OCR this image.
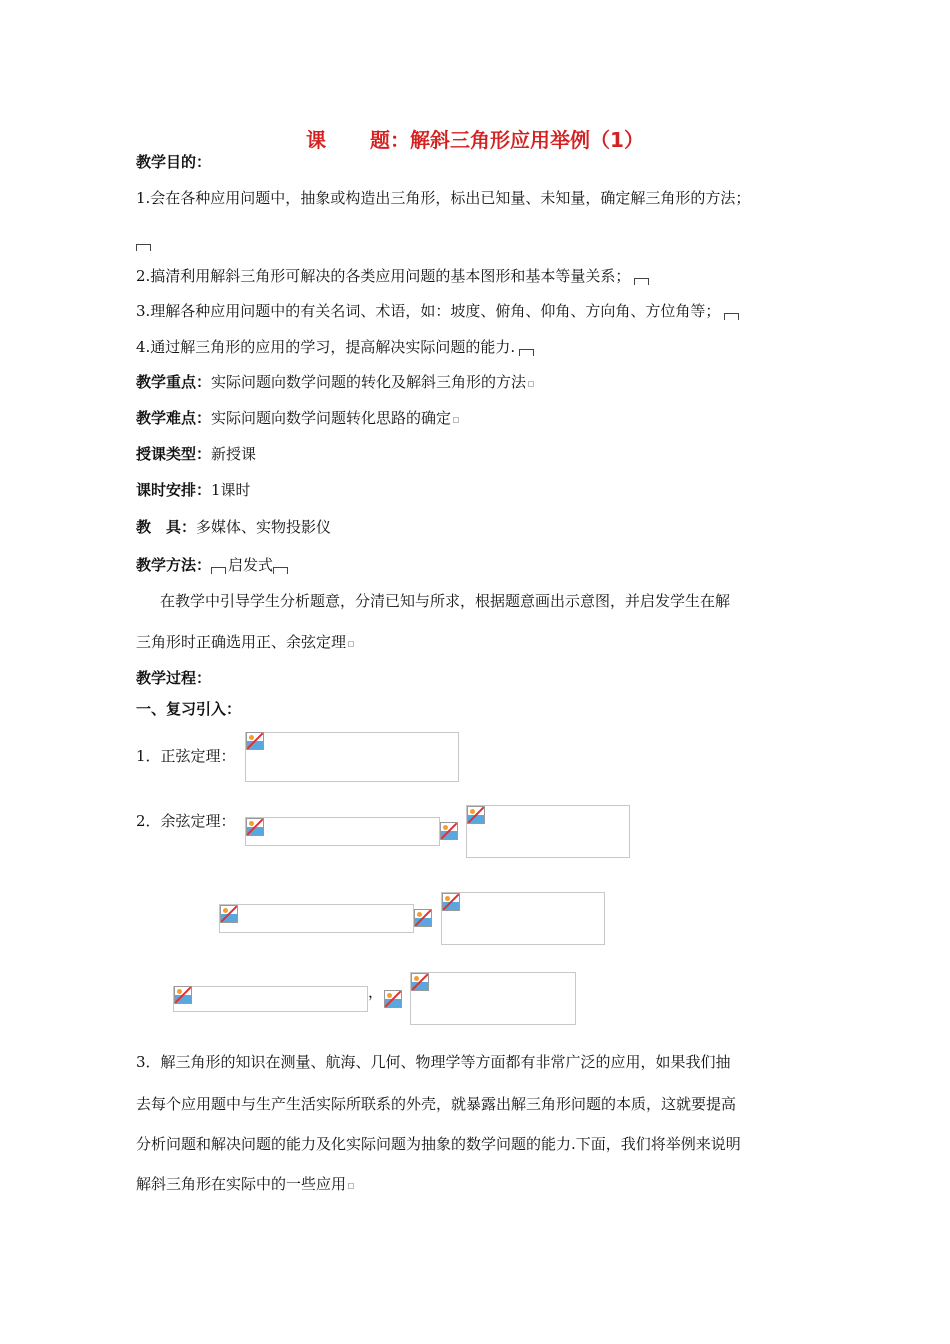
课 题：解斜三角形应用举例（1）
教学目的：
1.会在各种应用问题中，抽象或构造出三角形，标出已知量、未知量，确定解三角形的方法；
2.搞清利用解斜三角形可解决的各类应用问题的基本图形和基本等量关系；
3.理解各种应用问题中的有关名词、术语，如：坡度、俯角、仰角、方向角、方位角等；
4.通过解三角形的应用的学习，提高解决实际问题的能力.
教学重点：实际问题向数学问题的转化及解斜三角形的方法
教学难点：实际问题向数学问题转化思路的确定
授课类型：新授课
课时安排：1课时
教　具：多媒体、实物投影仪
教学方法： 启发式
在教学中引导学生分析题意，分清已知与所求，根据题意画出示意图，并启发学生在解
三角形时正确选用正、余弦定理
教学过程：
一、复习引入：
1．正弦定理：
2．余弦定理：
，
3．解三角形的知识在测量、航海、几何、物理学等方面都有非常广泛的应用，如果我们抽
去每个应用题中与生产生活实际所联系的外壳，就暴露出解三角形问题的本质，这就要提高
分析问题和解决问题的能力及化实际问题为抽象的数学问题的能力.下面，我们将举例来说明
解斜三角形在实际中的一些应用
